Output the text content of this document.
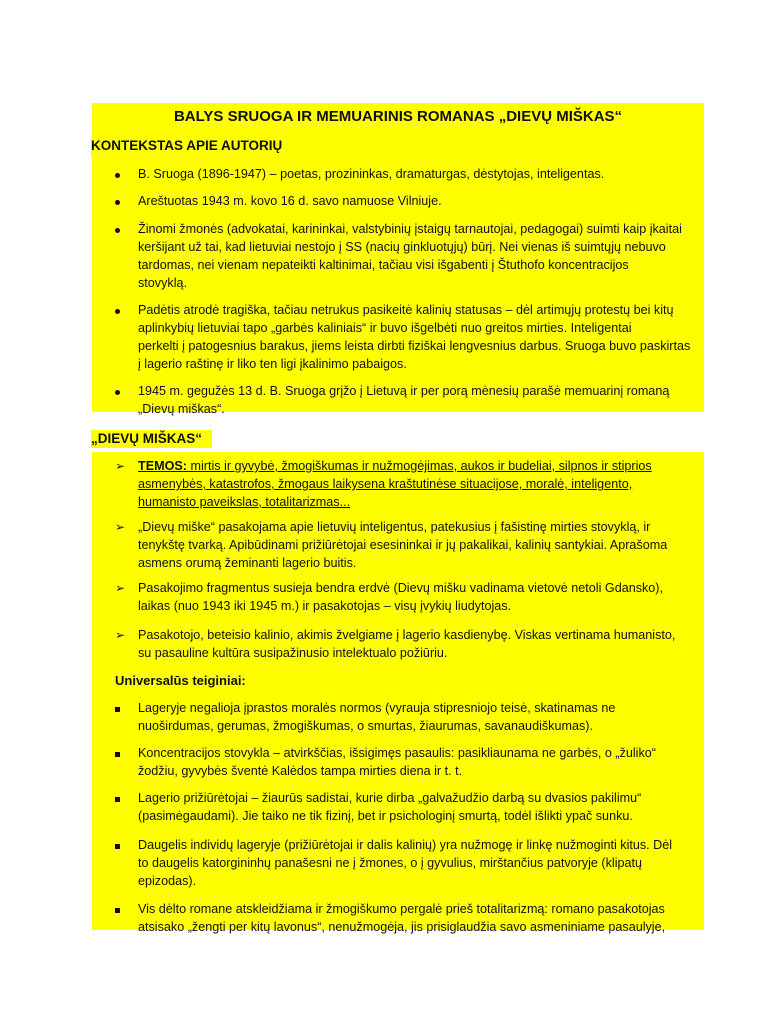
BALYS SRUOGA IR MEMUARINIS ROMANAS „DIEVŲ MIŠKAS“
KONTEKSTAS APIE AUTORIŲ
B. Sruoga (1896-1947) – poetas, prozininkas, dramaturgas, dėstytojas, inteligentas.
Areštuotas 1943 m. kovo 16 d. savo namuose Vilniuje.
Žinomi žmonės (advokatai, karininkai, valstybinių įstaigų tarnautojai, pedagogai) suimti kaip įkaitai
keršijant už tai, kad lietuviai nestojo į SS (nacių ginkluotųjų) būrį. Nei vienas iš suimtųjų nebuvo
tardomas, nei vienam nepateikti kaltinimai, tačiau visi išgabenti į Štuthofo koncentracijos
stovyklą.
Padėtis atrodė tragiška, tačiau netrukus pasikeitė kalinių statusas – dėl artimųjų protestų bei kitų
aplinkybių lietuviai tapo „garbės kaliniais“ ir buvo išgelbėti nuo greitos mirties. Inteligentai
perkelti į patogesnius barakus, jiems leista dirbti fiziškai lengvesnius darbus. Sruoga buvo paskirtas
į lagerio raštinę ir liko ten ligi įkalinimo pabaigos.
1945 m. gegužės 13 d. B. Sruoga grįžo į Lietuvą ir per porą mėnesių parašė memuarinį romaną
„Dievų miškas“.
„DIEVŲ MIŠKAS“
➢ TEMOS: mirtis ir gyvybė, žmogiškumas ir nužmogėjimas, aukos ir budeliai, silpnos ir stiprios
asmenybės, katastrofos, žmogaus laikysena kraštutinėse situacijose, moralė, inteligento,
humanisto paveikslas, totalitarizmas...
➢ „Dievų miške“ pasakojama apie lietuvių inteligentus, patekusius į fašistinę mirties stovyklą, ir
tenykštę tvarką. Apibūdinami prižiūrėtojai esesininkai ir jų pakalikai, kalinių santykiai. Aprašoma
asmens orumą žeminanti lagerio buitis.
➢ Pasakojimo fragmentus susieja bendra erdvė (Dievų mišku vadinama vietovė netoli Gdansko),
laikas (nuo 1943 iki 1945 m.) ir pasakotojas – visų įvykių liudytojas.
➢ Pasakotojo, beteisio kalinio, akimis žvelgiame į lagerio kasdienybę. Viskas vertinama humanisto,
su pasauline kultūra susipažinusio intelektualo požiūriu.
Universalūs teiginiai:
Lageryje negalioja įprastos moralės normos (vyrauja stipresniojo teisė, skatinamas ne
nuoširdumas, gerumas, žmogiškumas, o smurtas, žiaurumas, savanaudiškumas).
Koncentracijos stovykla – atvirkščias, išsigimęs pasaulis: pasikliaunama ne garbės, o „žuliko“
žodžiu, gyvybės šventė Kalėdos tampa mirties diena ir t. t.
Lagerio prižiūrėtojai – žiaurūs sadistai, kurie dirba „galvažudžio darbą su dvasios pakilimu“
(pasimėgaudami). Jie taiko ne tik fizinį, bet ir psichologinį smurtą, todėl išlikti ypač sunku.
Daugelis individų lageryje (prižiūrėtojai ir dalis kalinių) yra nužmogę ir linkę nužmoginti kitus. Dėl
to daugelis katorgininhų panašesni ne į žmones, o į gyvulius, mirštančius patvoryje (klipatų
epizodas).
Vis dėlto romane atskleidžiama ir žmogiškumo pergalė prieš totalitarizmą: romano pasakotojas
atsisako „žengti per kitų lavonus“, nenužmogėja, jis prisiglaudžia savo asmeniniame pasaulyje,
